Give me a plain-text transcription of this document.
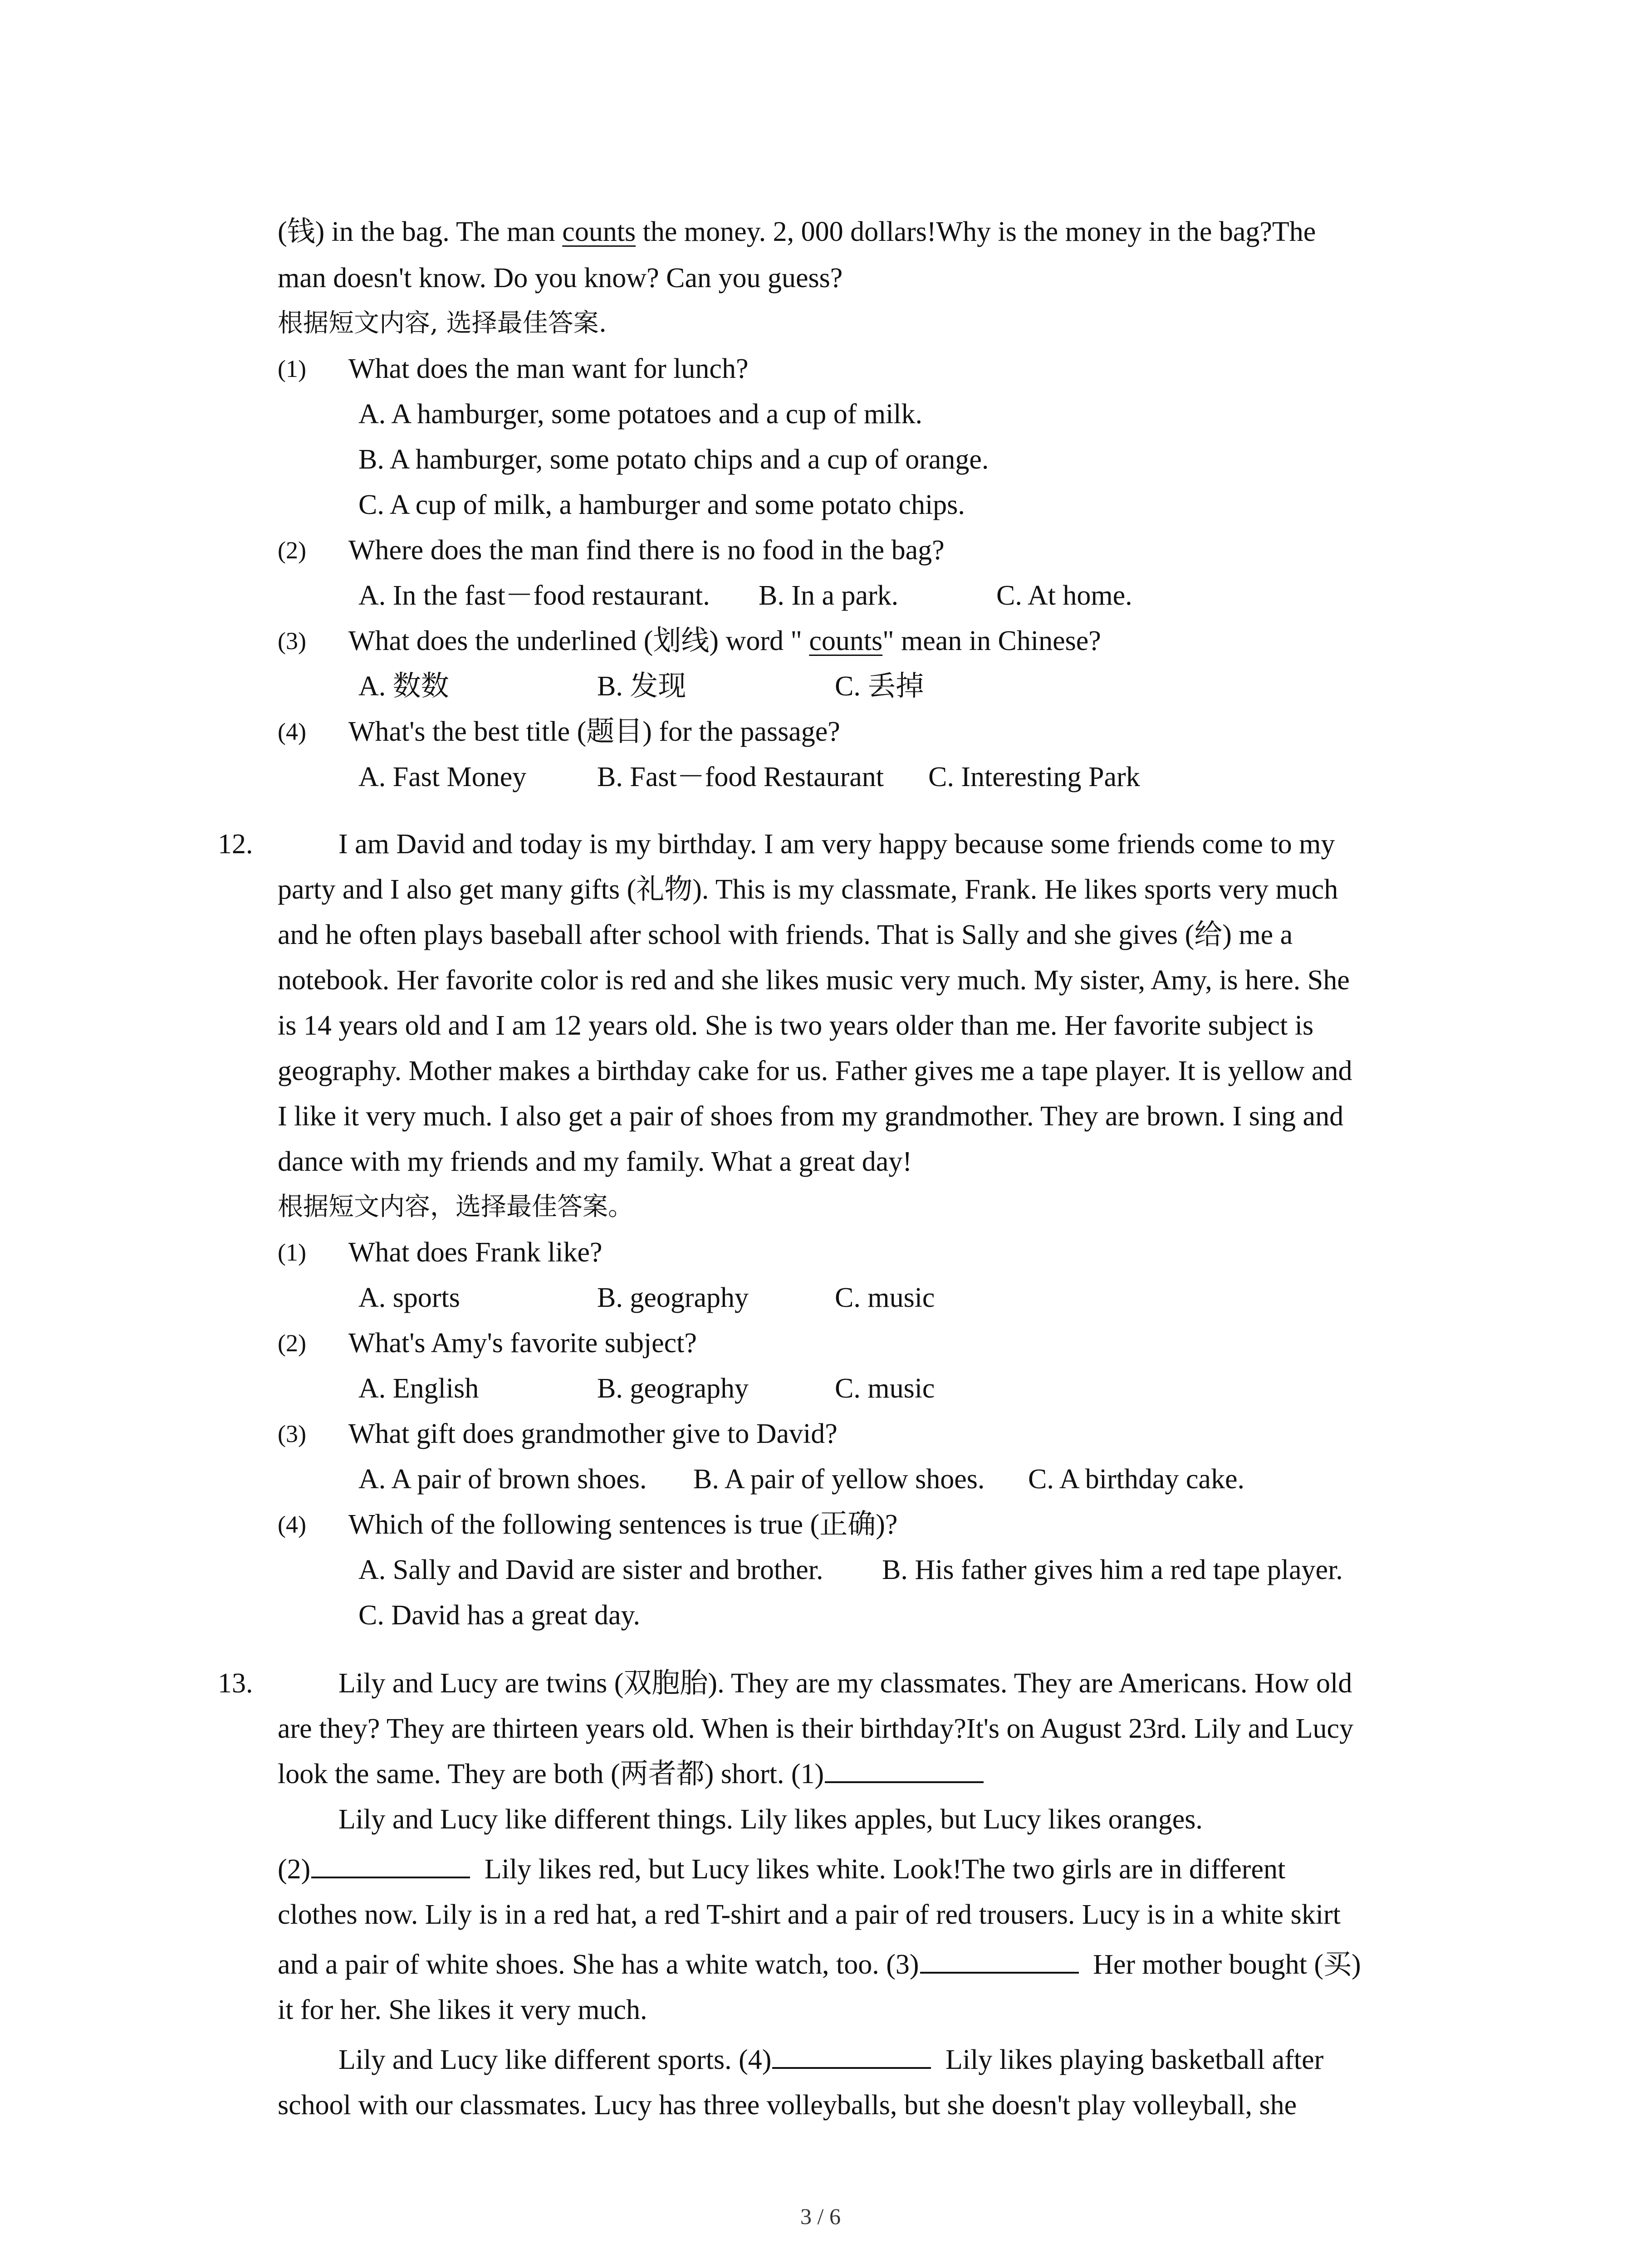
(钱) in the bag. The man counts the money. 2, 000 dollars!Why is the money in the bag?The
man doesn't know. Do you know? Can you guess?
根据短文内容, 选择最佳答案.
(1) What does the man want for lunch?
A. A hamburger, some potatoes and a cup of milk.
B. A hamburger, some potato chips and a cup of orange.
C. A cup of milk, a hamburger and some potato chips.
(2) Where does the man find there is no food in the bag?
A. In the fast－food restaurant. B. In a park.	C. At home.
(3) What does the underlined (划线) word " counts" mean in Chinese?
A. 数数	B. 发现	C. 丢掉
(4) What's the best title (题目) for the passage?
A. Fast Money	B. Fast－food Restaurant C. Interesting Park
12.	I am David and today is my birthday. I am very happy because some friends come to my
party and I also get many gifts (礼物). This is my classmate, Frank. He likes sports very much
and he often plays baseball after school with friends. That is Sally and she gives (给) me a
notebook. Her favorite color is red and she likes music very much. My sister, Amy, is here. She
is 14 years old and I am 12 years old. She is two years older than me. Her favorite subject is
geography. Mother makes a birthday cake for us. Father gives me a tape player. It is yellow and
I like it very much. I also get a pair of shoes from my grandmother. They are brown. I sing and
dance with my friends and my family. What a great day!
根据短文内容，选择最佳答案。
(1) What does Frank like?
A. sports	B. geography	C. music
(2) What's Amy's favorite subject?
A. English	B. geography	C. music
(3) What gift does grandmother give to David?
A. A pair of brown shoes. B. A pair of yellow shoes. C. A birthday cake.
(4) Which of the following sentences is true (正确)?
A. Sally and David are sister and brother. B. His father gives him a red tape player.
C. David has a great day.
13.	Lily and Lucy are twins (双胞胎). They are my classmates. They are Americans. How old
are they? They are thirteen years old. When is their birthday?It's on August 23rd. Lily and Lucy
look the same. They are both (两者都) short. (1)
Lily and Lucy like different things. Lily likes apples, but Lucy likes oranges.
(2)	Lily likes red, but Lucy likes white. Look!The two girls are in different
clothes now. Lily is in a red hat, a red T-shirt and a pair of red trousers. Lucy is in a white skirt
and a pair of white shoes. She has a white watch, too. (3)	Her mother bought (买)
it for her. She likes it very much.
Lily and Lucy like different sports. (4)	Lily likes playing basketball after
school with our classmates. Lucy has three volleyballs, but she doesn't play volleyball, she
3 / 6
